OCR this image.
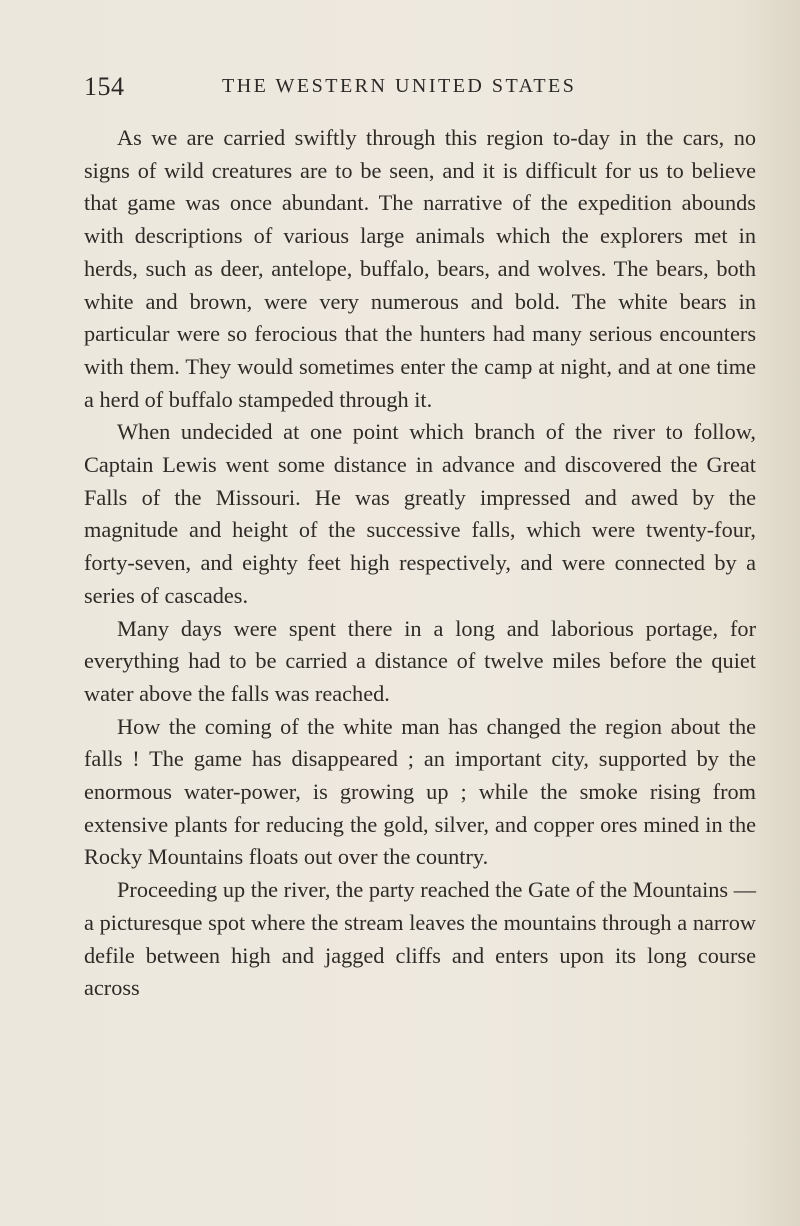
154	THE WESTERN UNITED STATES

As we are carried swiftly through this region to-day in the cars, no signs of wild creatures are to be seen, and it is difficult for us to believe that game was once abundant. The narrative of the expedition abounds with descriptions of various large animals which the explorers met in herds, such as deer, antelope, buffalo, bears, and wolves. The bears, both white and brown, were very numerous and bold. The white bears in particular were so ferocious that the hunters had many serious encounters with them. They would sometimes enter the camp at night, and at one time a herd of buffalo stampeded through it.

When undecided at one point which branch of the river to follow, Captain Lewis went some distance in advance and discovered the Great Falls of the Missouri. He was greatly impressed and awed by the magnitude and height of the successive falls, which were twenty-four, forty-seven, and eighty feet high respectively, and were connected by a series of cascades.

Many days were spent there in a long and laborious portage, for everything had to be carried a distance of twelve miles before the quiet water above the falls was reached.

How the coming of the white man has changed the region about the falls ! The game has disappeared ; an important city, supported by the enormous water-power, is growing up ; while the smoke rising from extensive plants for reducing the gold, silver, and copper ores mined in the Rocky Mountains floats out over the country.

Proceeding up the river, the party reached the Gate of the Mountains — a picturesque spot where the stream leaves the mountains through a narrow defile between high and jagged cliffs and enters upon its long course across
